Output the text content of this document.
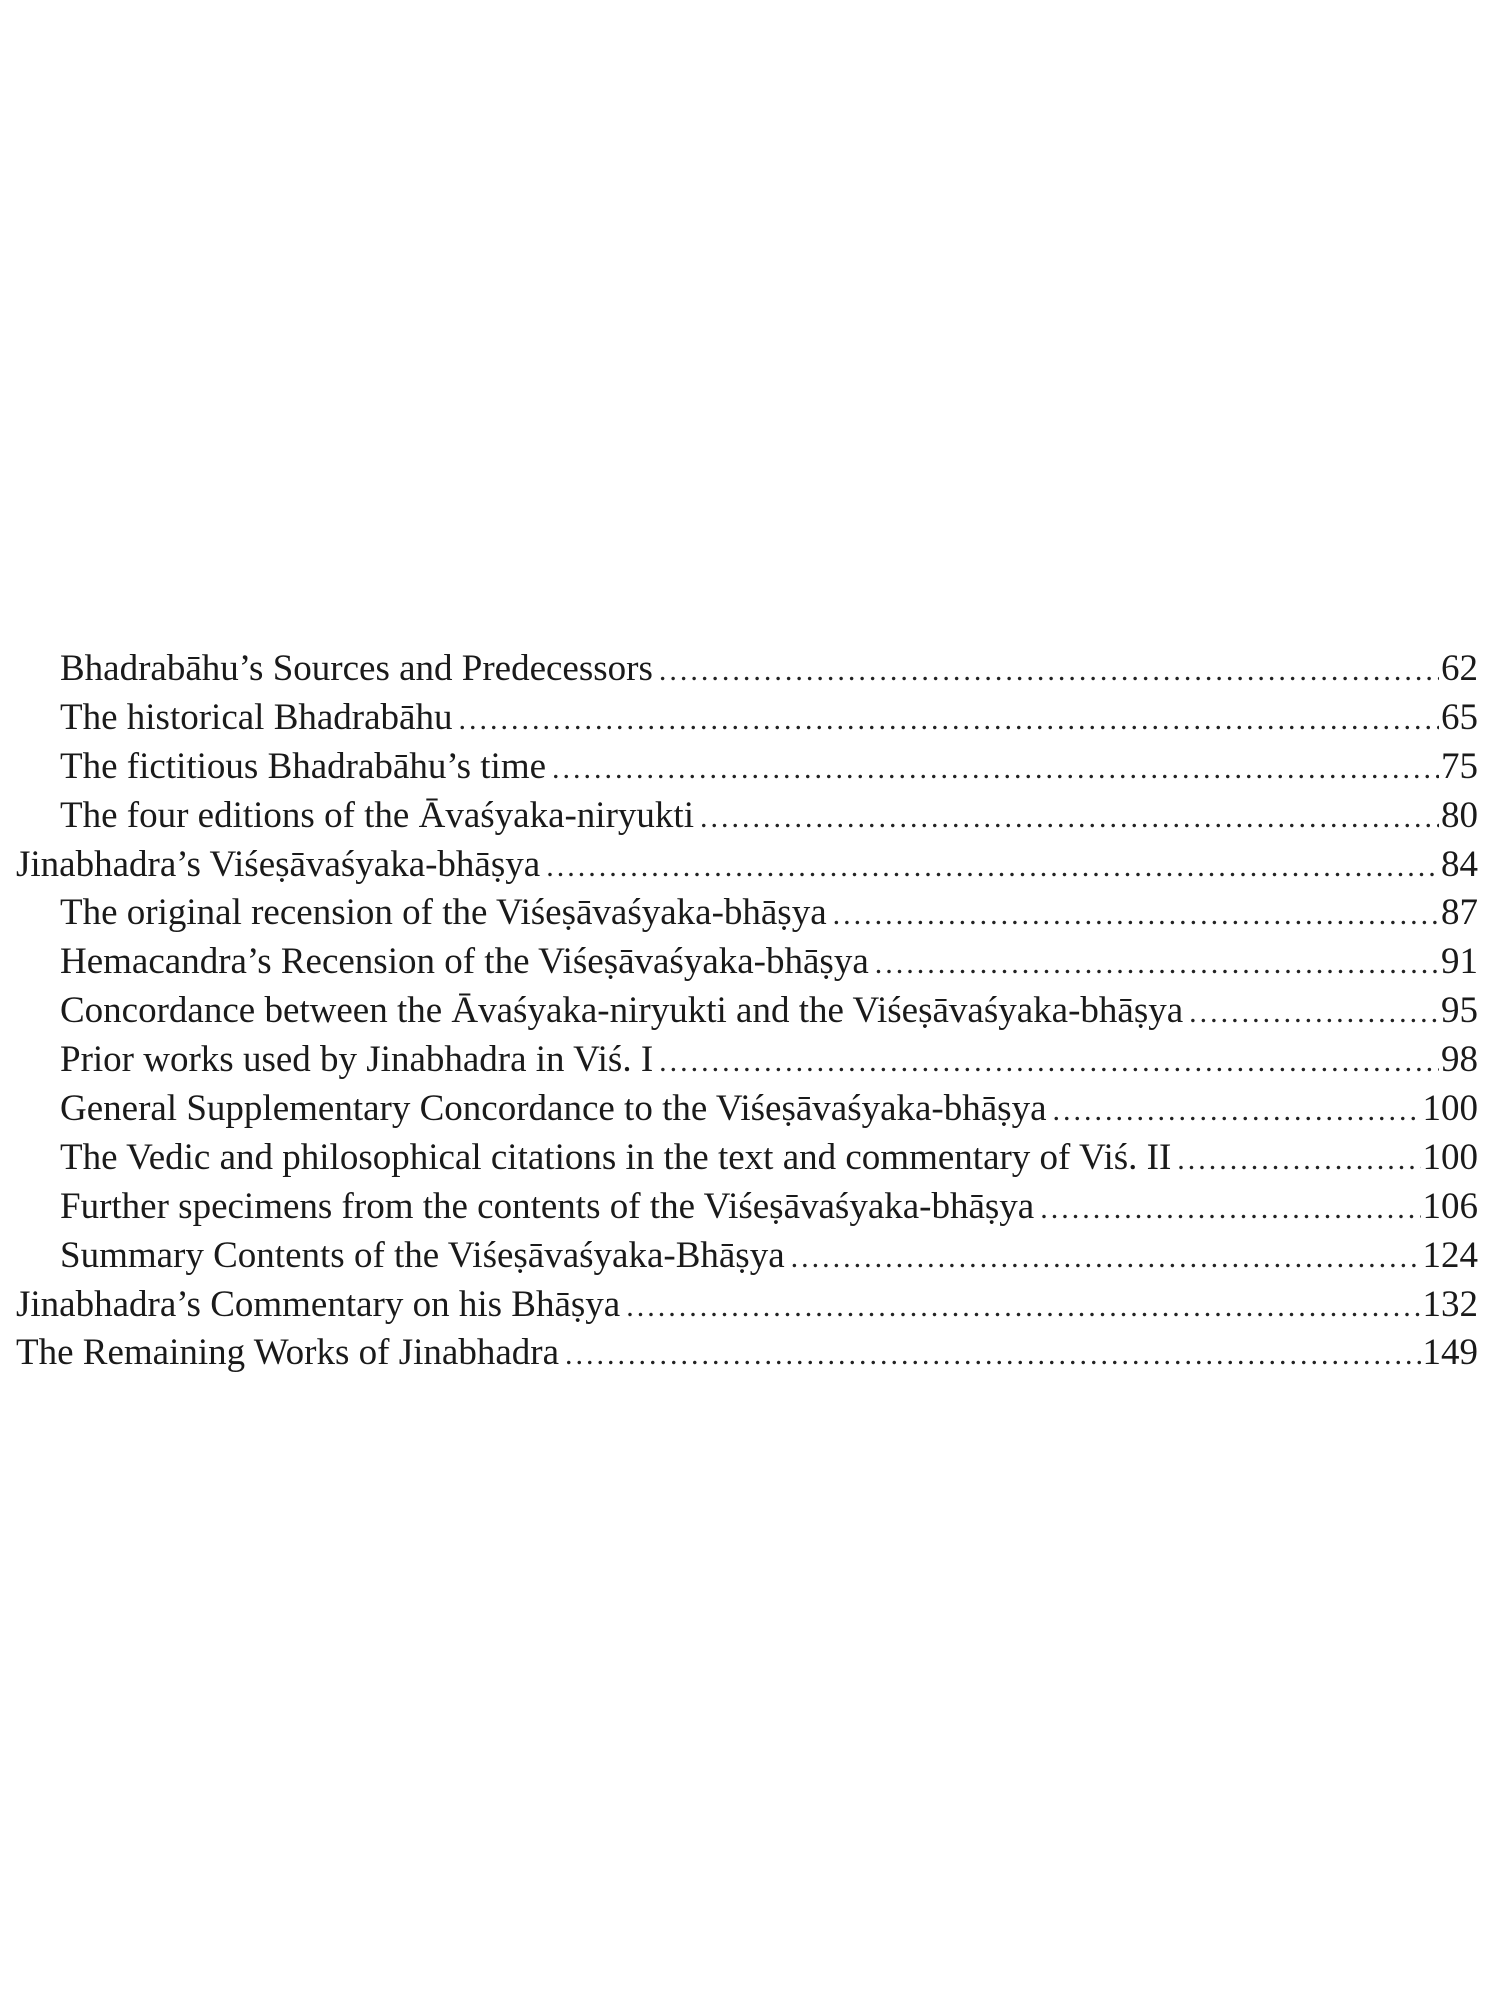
Bhadrabāhu’s Sources and Predecessors .....	62
The historical Bhadrabāhu .....	65
The fictitious Bhadrabāhu’s time .....	75
The four editions of the Āvaśyaka-niryukti .....	80
Jinabhadra’s Viśeṣāvaśyaka-bhāṣya .....	84
The original recension of the Viśeṣāvaśyaka-bhāṣya .....	87
Hemacandra’s Recension of the Viśeṣāvaśyaka-bhāṣya .....	91
Concordance between the Āvaśyaka-niryukti and the Viśeṣāvaśyaka-bhāṣya .....	95
Prior works used by Jinabhadra in Viś. I .....	98
General Supplementary Concordance to the Viśeṣāvaśyaka-bhāṣya .....	100
The Vedic and philosophical citations in the text and commentary of Viś. II .....	100
Further specimens from the contents of the Viśeṣāvaśyaka-bhāṣya .....	106
Summary Contents of the Viśeṣāvaśyaka-Bhāṣya .....	124
Jinabhadra’s Commentary on his Bhāṣya .....	132
The Remaining Works of Jinabhadra .....	149
